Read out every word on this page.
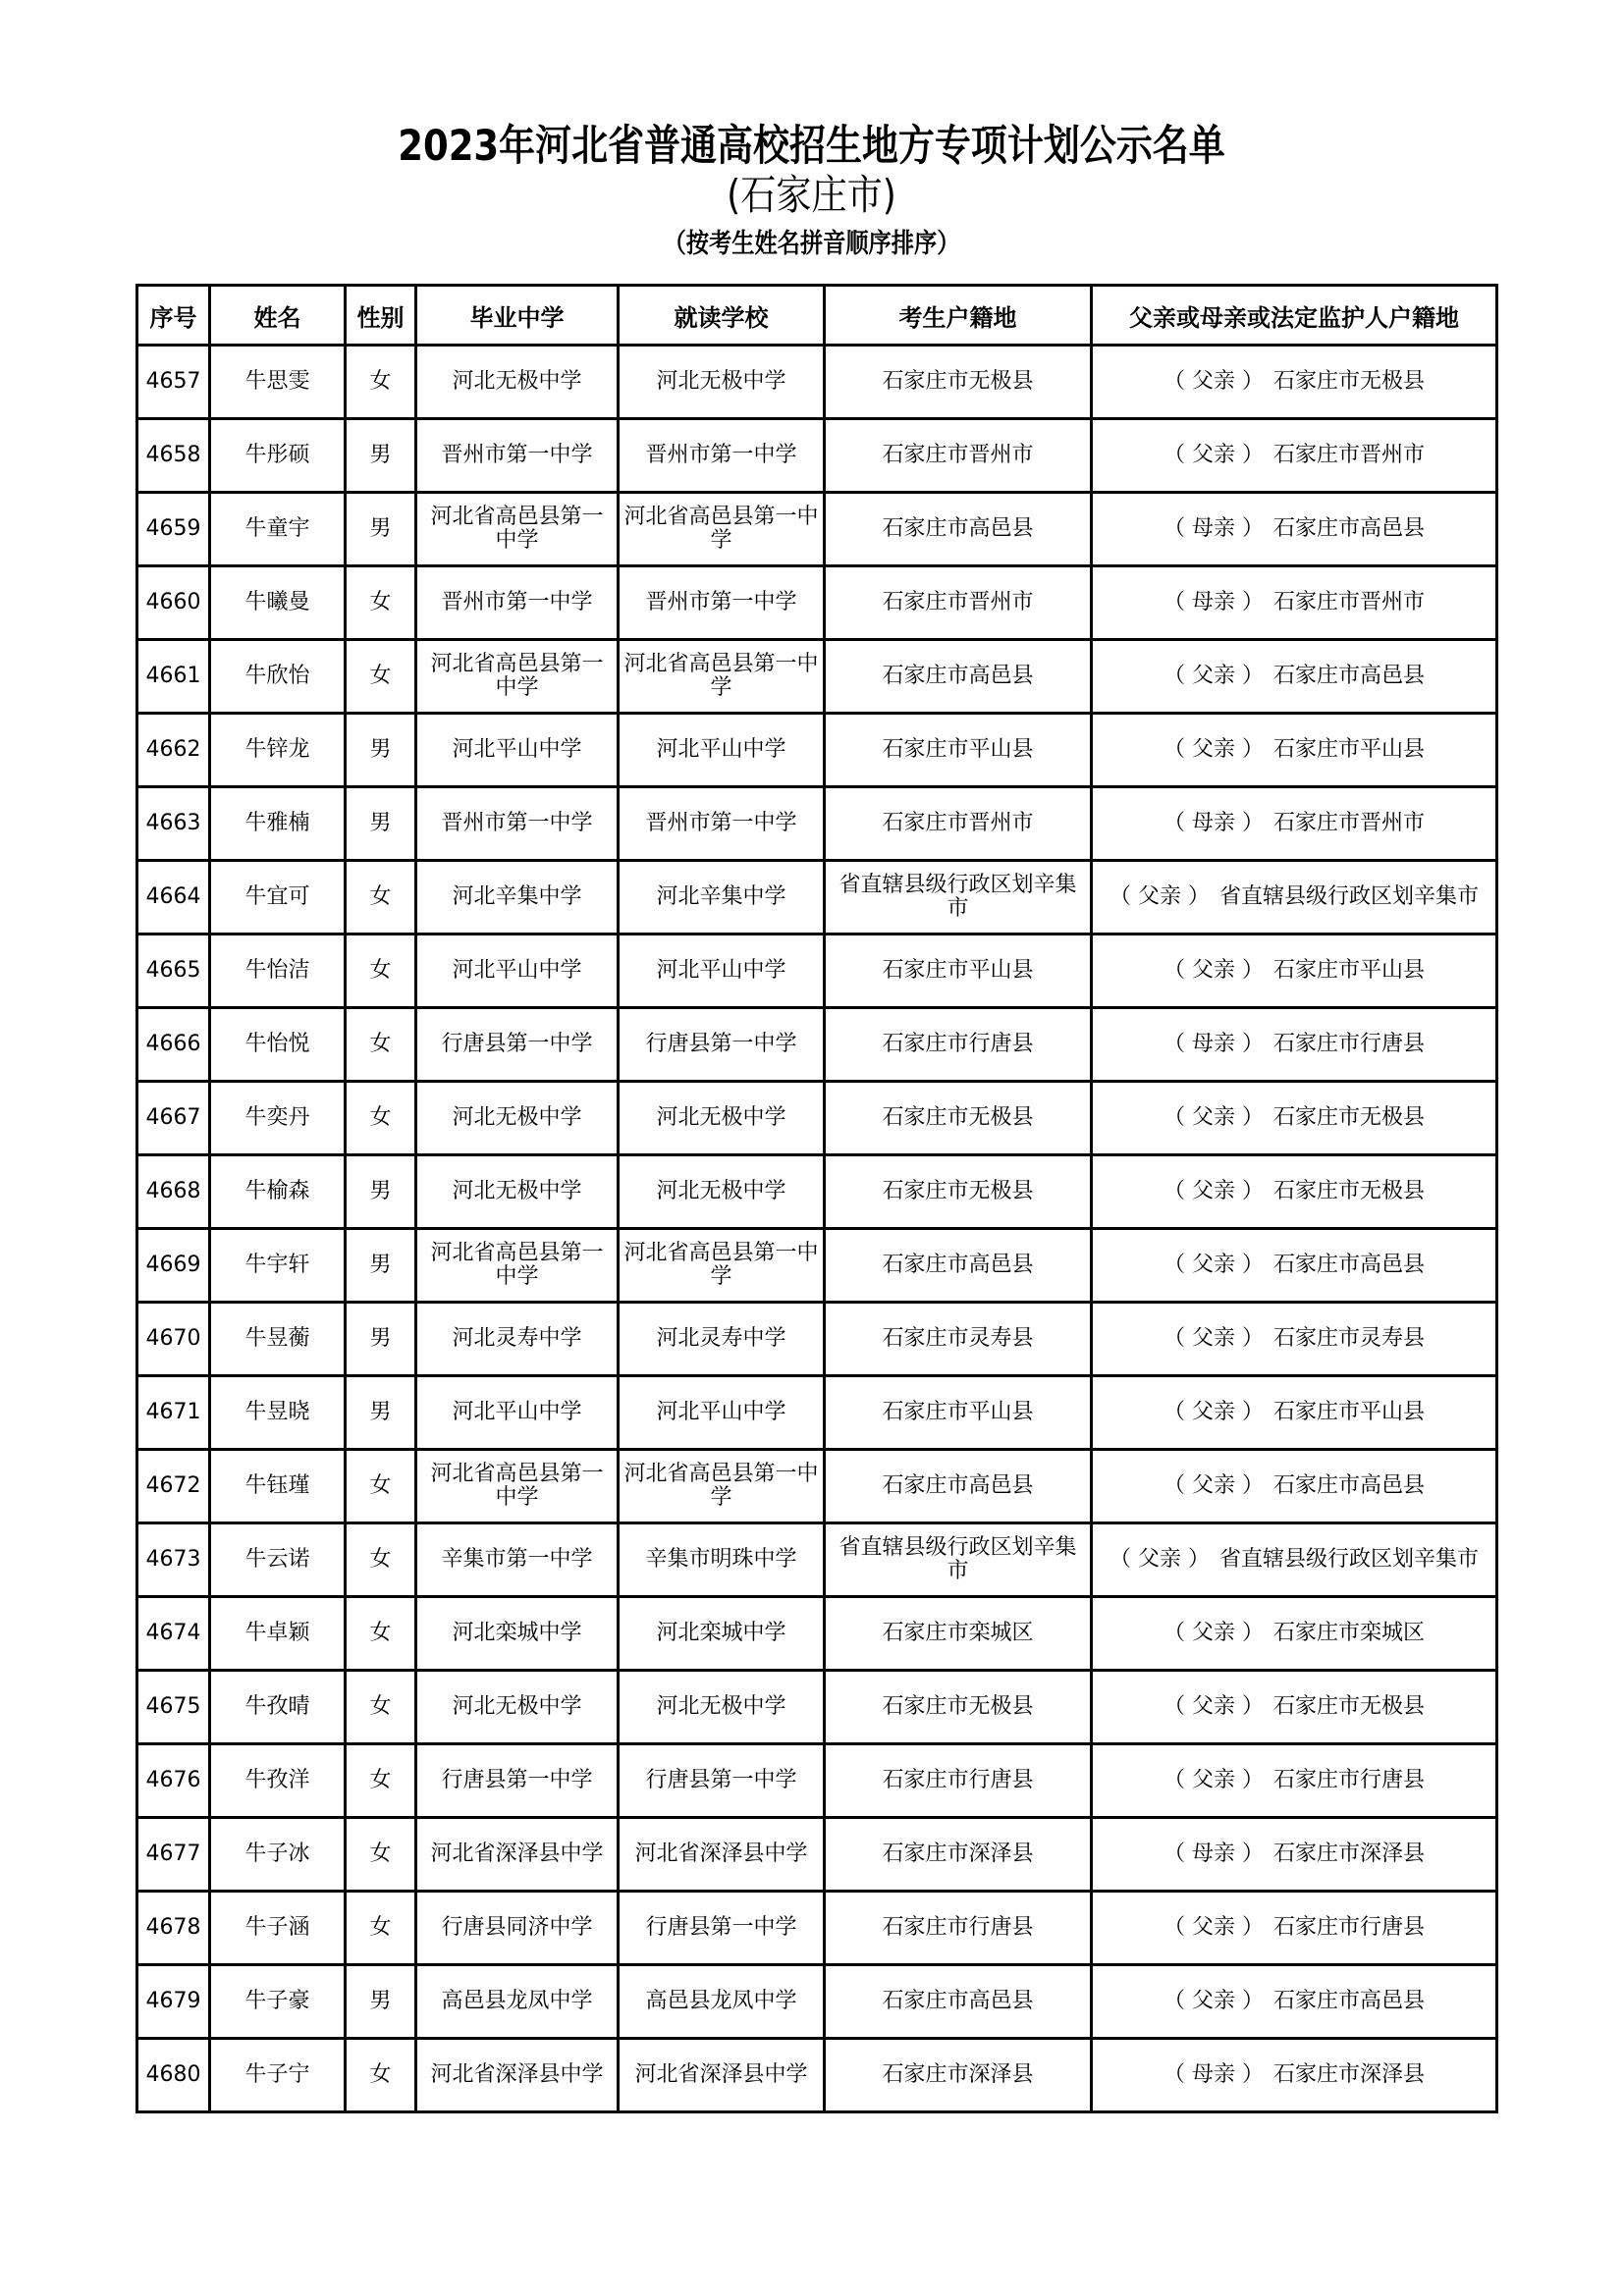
2023年河北省普通高校招生地方专项计划公示名单
(石家庄市)
（按考生姓名拼音顺序排序）
序号	姓名	性别	毕业中学	就读学校	考生户籍地	父亲或母亲或法定监护人户籍地
4657	牛思雯	女	河北无极中学	河北无极中学	石家庄市无极县	（ 父亲 ） 石家庄市无极县
4658	牛彤硕	男	晋州市第一中学	晋州市第一中学	石家庄市晋州市	（ 父亲 ） 石家庄市晋州市
4659	牛童宇	男	河北省高邑县第一中学	河北省高邑县第一中学	石家庄市高邑县	（ 母亲 ） 石家庄市高邑县
4660	牛曦曼	女	晋州市第一中学	晋州市第一中学	石家庄市晋州市	（ 母亲 ） 石家庄市晋州市
4661	牛欣怡	女	河北省高邑县第一中学	河北省高邑县第一中学	石家庄市高邑县	（ 父亲 ） 石家庄市高邑县
4662	牛锌龙	男	河北平山中学	河北平山中学	石家庄市平山县	（ 父亲 ） 石家庄市平山县
4663	牛雅楠	男	晋州市第一中学	晋州市第一中学	石家庄市晋州市	（ 母亲 ） 石家庄市晋州市
4664	牛宜可	女	河北辛集中学	河北辛集中学	省直辖县级行政区划辛集市	（ 父亲 ） 省直辖县级行政区划辛集市
4665	牛怡洁	女	河北平山中学	河北平山中学	石家庄市平山县	（ 父亲 ） 石家庄市平山县
4666	牛怡悦	女	行唐县第一中学	行唐县第一中学	石家庄市行唐县	（ 母亲 ） 石家庄市行唐县
4667	牛奕丹	女	河北无极中学	河北无极中学	石家庄市无极县	（ 父亲 ） 石家庄市无极县
4668	牛榆森	男	河北无极中学	河北无极中学	石家庄市无极县	（ 父亲 ） 石家庄市无极县
4669	牛宇轩	男	河北省高邑县第一中学	河北省高邑县第一中学	石家庄市高邑县	（ 父亲 ） 石家庄市高邑县
4670	牛昱蘅	男	河北灵寿中学	河北灵寿中学	石家庄市灵寿县	（ 父亲 ） 石家庄市灵寿县
4671	牛昱晓	男	河北平山中学	河北平山中学	石家庄市平山县	（ 父亲 ） 石家庄市平山县
4672	牛钰瑾	女	河北省高邑县第一中学	河北省高邑县第一中学	石家庄市高邑县	（ 父亲 ） 石家庄市高邑县
4673	牛云诺	女	辛集市第一中学	辛集市明珠中学	省直辖县级行政区划辛集市	（ 父亲 ） 省直辖县级行政区划辛集市
4674	牛卓颖	女	河北栾城中学	河北栾城中学	石家庄市栾城区	（ 父亲 ） 石家庄市栾城区
4675	牛孜晴	女	河北无极中学	河北无极中学	石家庄市无极县	（ 父亲 ） 石家庄市无极县
4676	牛孜洋	女	行唐县第一中学	行唐县第一中学	石家庄市行唐县	（ 父亲 ） 石家庄市行唐县
4677	牛子冰	女	河北省深泽县中学	河北省深泽县中学	石家庄市深泽县	（ 母亲 ） 石家庄市深泽县
4678	牛子涵	女	行唐县同济中学	行唐县第一中学	石家庄市行唐县	（ 父亲 ） 石家庄市行唐县
4679	牛子豪	男	高邑县龙凤中学	高邑县龙凤中学	石家庄市高邑县	（ 父亲 ） 石家庄市高邑县
4680	牛子宁	女	河北省深泽县中学	河北省深泽县中学	石家庄市深泽县	（ 母亲 ） 石家庄市深泽县
